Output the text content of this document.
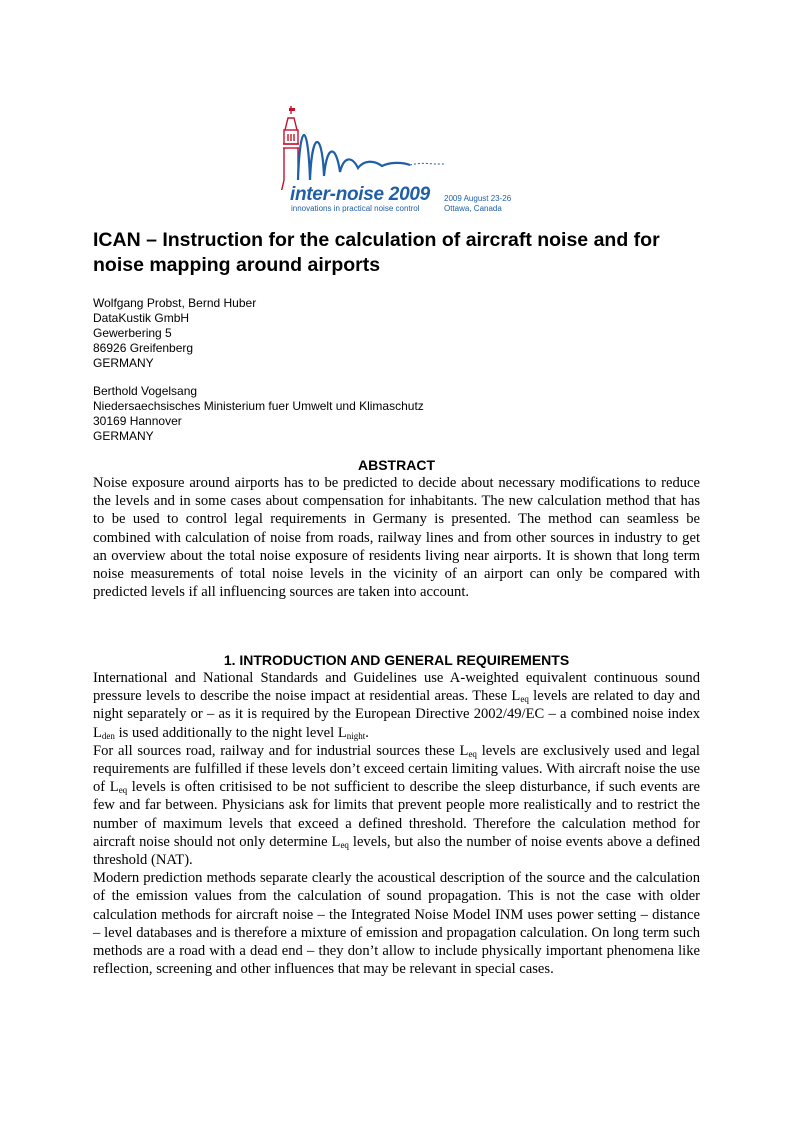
inter-noise 2009
innovations in practical noise control
2009 August 23-26
Ottawa, Canada
ICAN – Instruction for the calculation of aircraft noise and for noise mapping around airports

Wolfgang Probst, Bernd Huber

DataKustik GmbH

Gewerbering 5

86926 Greifenberg

GERMANY

Berthold Vogelsang

Niedersaechsisches Ministerium fuer Umwelt und Klimaschutz

30169 Hannover

GERMANY

ABSTRACT

Noise exposure around airports has to be predicted to decide about necessary modifications to reduce the levels and in some cases about compensation for inhabitants. The new calculation method that has to be used to control legal requirements in Germany is presented. The method can seamless be combined with calculation of noise from roads, railway lines and from other sources in industry to get an overview about the total noise exposure of residents living near airports. It is shown that long term noise measurements of total noise levels in the vicinity of an airport can only be compared with predicted levels if all influencing sources are taken into account.

1. INTRODUCTION AND GENERAL REQUIREMENTS

International and National Standards and Guidelines use A-weighted equivalent continuous sound pressure levels to describe the noise impact at residential areas. These $L_{eq}$ levels are related to day and night separately or – as it is required by the European Directive 2002/49/EC – a combined noise index $L_{den}$ is used additionally to the night level $L_{night}$.

For all sources road, railway and for industrial sources these $L_{eq}$ levels are exclusively used and legal requirements are fulfilled if these levels don’t exceed certain limiting values. With aircraft noise the use of $L_{eq}$ levels is often critisised to be not sufficient to describe the sleep disturbance, if such events are few and far between. Physicians ask for limits that prevent people more realistically and to restrict the number of maximum levels that exceed a defined threshold. Therefore the calculation method for aircraft noise should not only determine $L_{eq}$ levels, but also the number of noise events above a defined threshold (NAT).

Modern prediction methods separate clearly the acoustical description of the source and the calculation of the emission values from the calculation of sound propagation. This is not the case with older calculation methods for aircraft noise – the Integrated Noise Model INM uses power setting – distance – level databases and is therefore a mixture of emission and propagation calculation. On long term such methods are a road with a dead end – they don’t allow to include physically important phenomena like reflection, screening and other influences that may be relevant in special cases.
